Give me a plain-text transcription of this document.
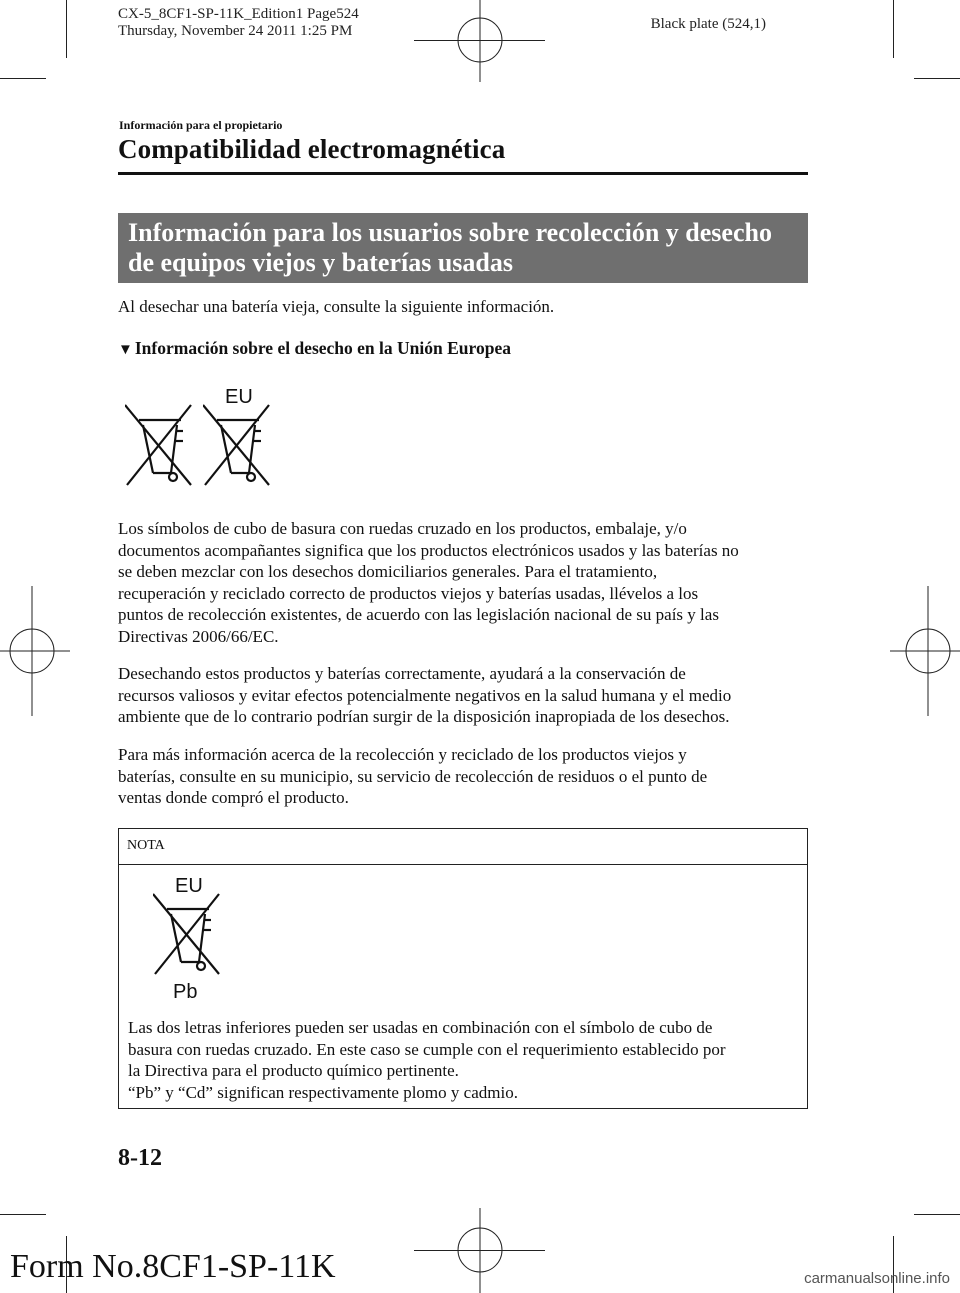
CX-5_8CF1-SP-11K_Edition1 Page524
Thursday, November 24 2011 1:25 PM	Black plate (524,1)
Información para el propietario
Compatibilidad electromagnética
Información para los usuarios sobre recolección y desecho
de equipos viejos y baterías usadas
Al desechar una batería vieja, consulte la siguiente información.
▼ Información sobre el desecho en la Unión Europea
EU
Los símbolos de cubo de basura con ruedas cruzado en los productos, embalaje, y/o
documentos acompañantes significa que los productos electrónicos usados y las baterías no
se deben mezclar con los desechos domiciliarios generales. Para el tratamiento,
recuperación y reciclado correcto de productos viejos y baterías usadas, llévelos a los
puntos de recolección existentes, de acuerdo con las legislación nacional de su país y las
Directivas 2006/66/EC.
Desechando estos productos y baterías correctamente, ayudará a la conservación de
recursos valiosos y evitar efectos potencialmente negativos en la salud humana y el medio
ambiente que de lo contrario podrían surgir de la disposición inapropiada de los desechos.
Para más información acerca de la recolección y reciclado de los productos viejos y
baterías, consulte en su municipio, su servicio de recolección de residuos o el punto de
ventas donde compró el producto.
NOTA
EU
Pb
Las dos letras inferiores pueden ser usadas en combinación con el símbolo de cubo de
basura con ruedas cruzado. En este caso se cumple con el requerimiento establecido por
la Directiva para el producto químico pertinente.
“Pb” y “Cd” significan respectivamente plomo y cadmio.
8-12
Form No.8CF1-SP-11K	carmanualsonline.info
